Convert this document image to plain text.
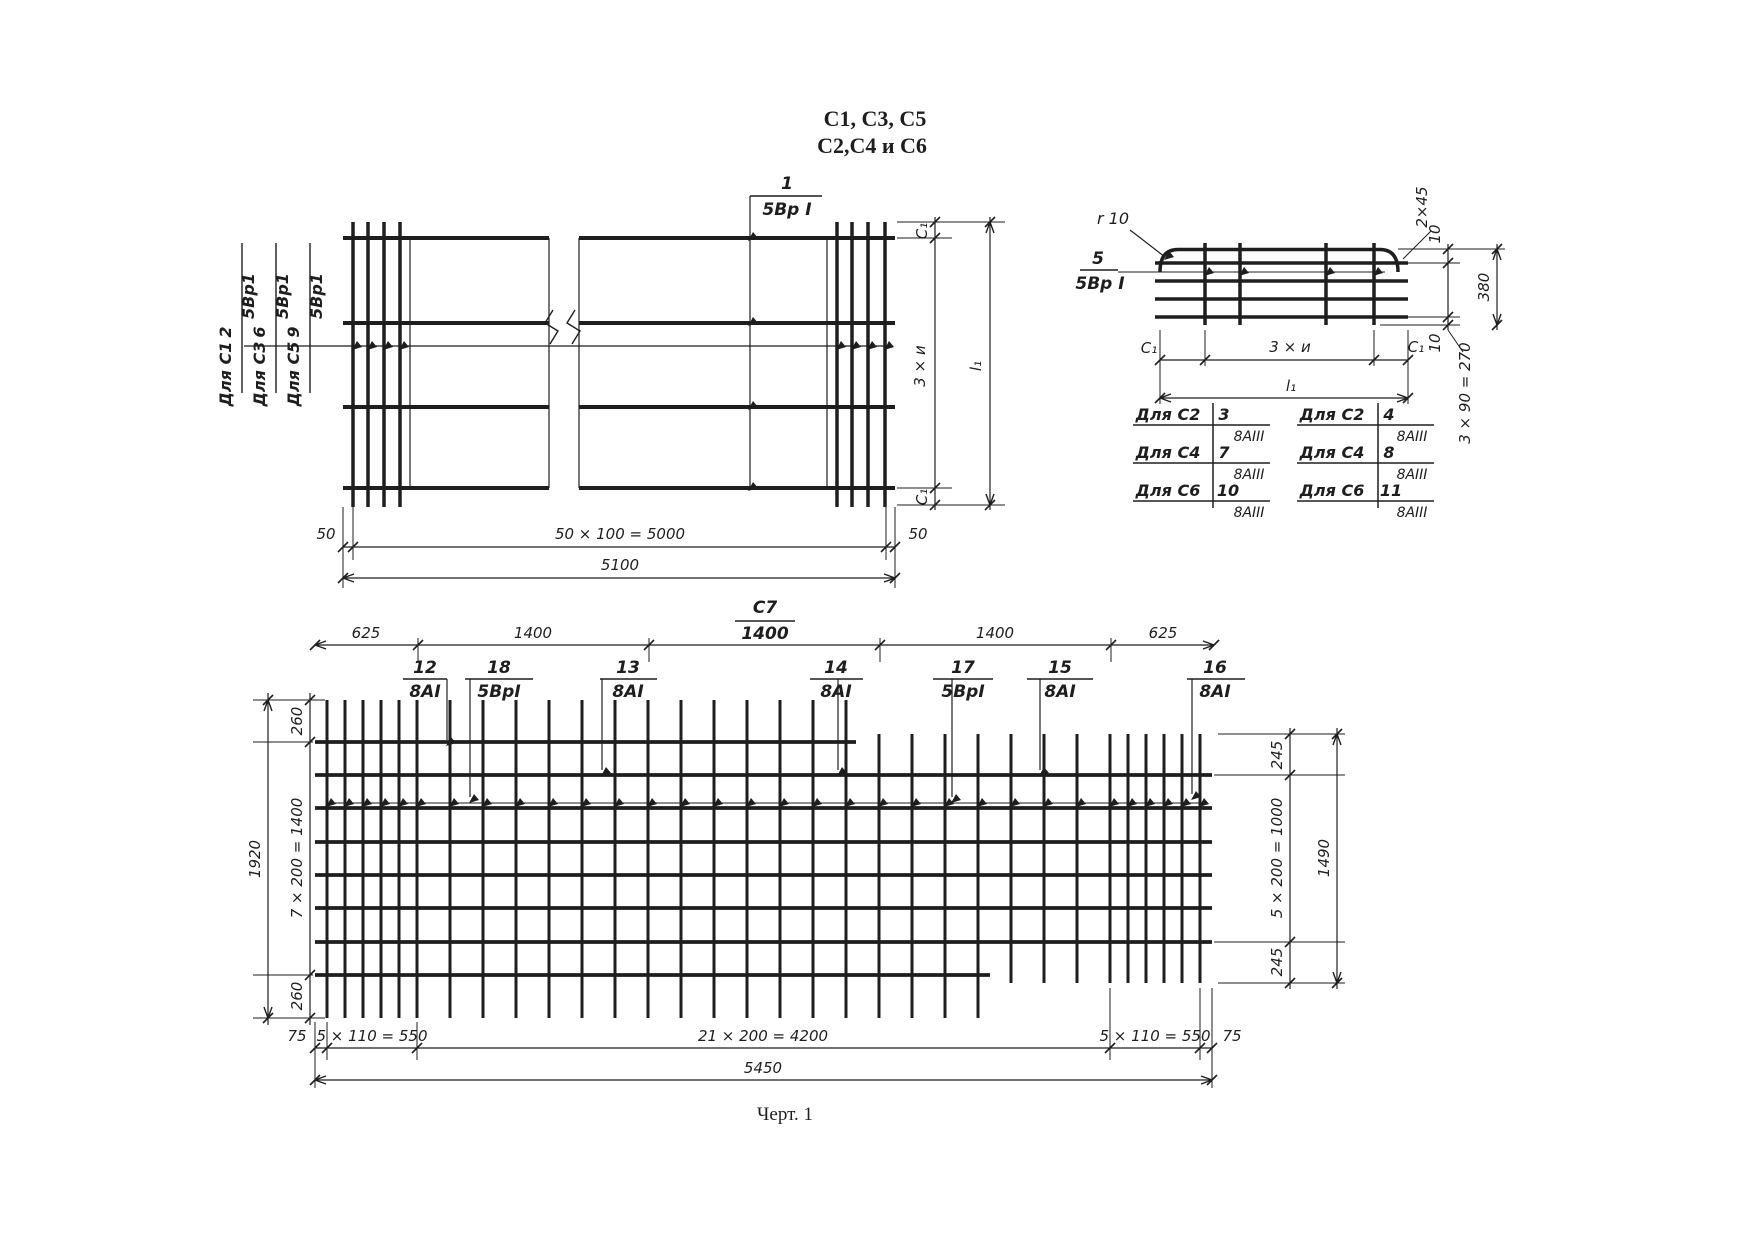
С1, С3, С5
С2,С4 и С6
1
5Вр I
Для С1
2
5Вр1
Для С3
6
5Вр1
Для С5
9
5Вр1
C₁
3 × и
C₁
l₁
50	50 × 100 = 5000	50
5100
r 10
5
5Вр I
2×45
10
380
10 3 × 90 = 270
C₁	3 × и	C₁
l₁
Для С2 3
8АIII
Для С4 7
8АIII
Для С6 10
8АIII
Для С2 4
8АIII
Для С4 8
8АIII
Для С6 11
8АIII
С7
1400
625	1400	1400	625
12
8АI
18
5ВрI
13
8АI
14
8АI
17
5ВрI
15
8АI
16
8АI
260
7 × 200 = 1400
260
1920
245
5 × 200 = 1000
245
1490
75 5 × 110 = 550	21 × 200 = 4200	5 × 110 = 550 75
5450
Черт. 1
